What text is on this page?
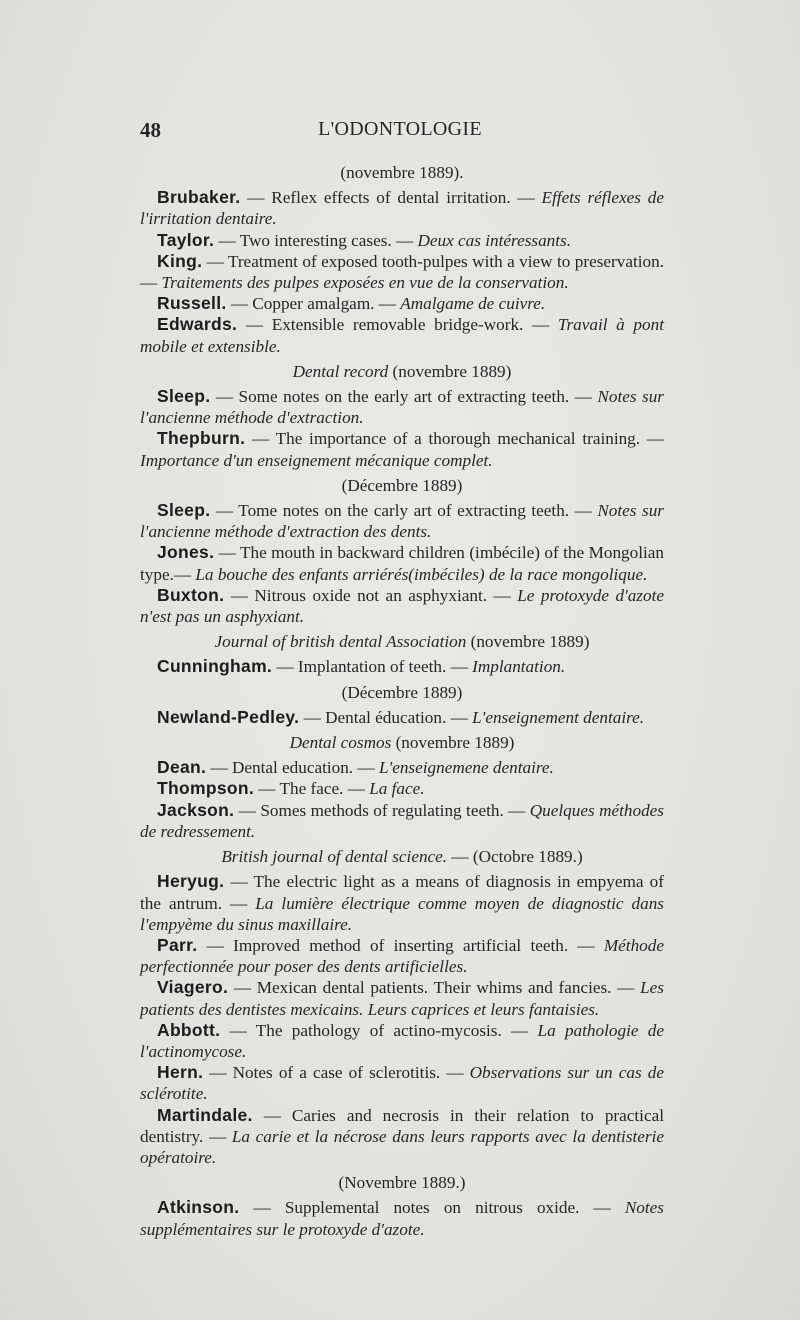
48	L'ODONTOLOGIE
(novembre 1889).

Brubaker. — Reflex effects of dental irritation. — Effets réflexes de l'irritation dentaire.

Taylor. — Two interesting cases. — Deux cas intéressants.

King. — Treatment of exposed tooth-pulpes with a view to preservation. — Traitements des pulpes exposées en vue de la conservation.

Russell. — Copper amalgam. — Amalgame de cuivre.

Edwards. — Extensible removable bridge-work. — Travail à pont mobile et extensible.

Dental record (novembre 1889)

Sleep. — Some notes on the early art of extracting teeth. — Notes sur l'ancienne méthode d'extraction.

Thepburn. — The importance of a thorough mechanical training. — Importance d'un enseignement mécanique complet.

(Décembre 1889)

Sleep. — Tome notes on the carly art of extracting teeth. — Notes sur l'ancienne méthode d'extraction des dents.

Jones. — The mouth in backward children (imbécile) of the Mongolian type.— La bouche des enfants arriérés(imbéciles) de la race mongolique.

Buxton. — Nitrous oxide not an asphyxiant. — Le protoxyde d'azote n'est pas un asphyxiant.

Journal of british dental Association (novembre 1889)

Cunningham. — Implantation of teeth. — Implantation.

(Décembre 1889)

Newland-Pedley. — Dental éducation. — L'enseignement dentaire.

Dental cosmos (novembre 1889)

Dean. — Dental education. — L'enseignemene dentaire.

Thompson. — The face. — La face.

Jackson. — Somes methods of regulating teeth. — Quelques méthodes de redressement.

British journal of dental science. — (Octobre 1889.)

Heryug. — The electric light as a means of diagnosis in empyema of the antrum. — La lumière électrique comme moyen de diagnostic dans l'empyème du sinus maxillaire.

Parr. — Improved method of inserting artificial teeth. — Méthode perfectionnée pour poser des dents artificielles.

Viagero. — Mexican dental patients. Their whims and fancies. — Les patients des dentistes mexicains. Leurs caprices et leurs fantaisies.

Abbott. — The pathology of actino-mycosis. — La pathologie de l'actinomycose.

Hern. — Notes of a case of sclerotitis. — Observations sur un cas de sclérotite.

Martindale. — Caries and necrosis in their relation to practical dentistry. — La carie et la nécrose dans leurs rapports avec la dentisterie opératoire.

(Novembre 1889.)

Atkinson. — Supplemental notes on nitrous oxide. — Notes supplémentaires sur le protoxyde d'azote.
